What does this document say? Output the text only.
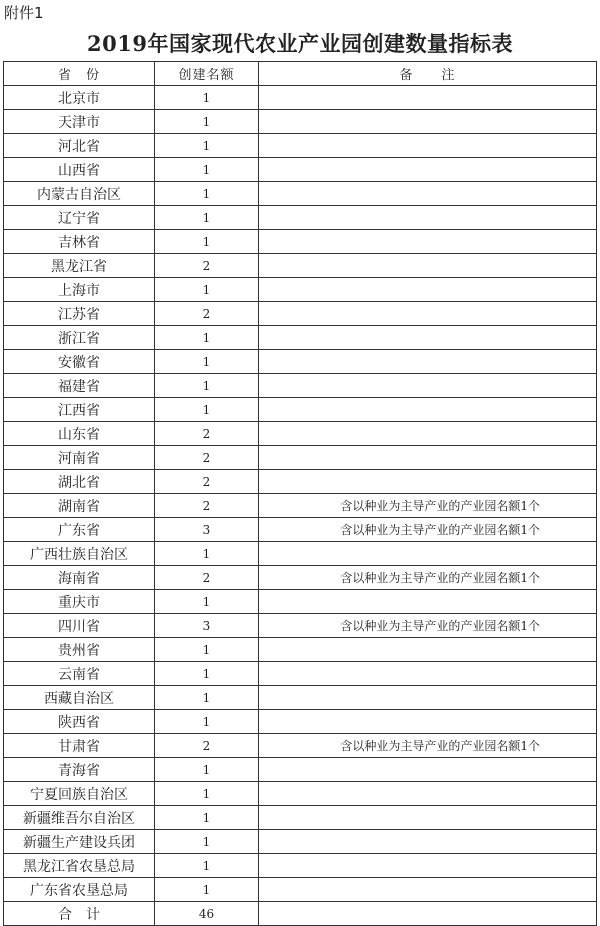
附件1
2019年国家现代农业产业园创建数量指标表
省　份	创建名额	备　　注
北京市	1	
天津市	1	
河北省	1	
山西省	1	
内蒙古自治区	1	
辽宁省	1	
吉林省	1	
黑龙江省	2	
上海市	1	
江苏省	2	
浙江省	1	
安徽省	1	
福建省	1	
江西省	1	
山东省	2	
河南省	2	
湖北省	2	
湖南省	2	含以种业为主导产业的产业园名额1个
广东省	3	含以种业为主导产业的产业园名额1个
广西壮族自治区	1	
海南省	2	含以种业为主导产业的产业园名额1个
重庆市	1	
四川省	3	含以种业为主导产业的产业园名额1个
贵州省	1	
云南省	1	
西藏自治区	1	
陕西省	1	
甘肃省	2	含以种业为主导产业的产业园名额1个
青海省	1	
宁夏回族自治区	1	
新疆维吾尔自治区	1	
新疆生产建设兵团	1	
黑龙江省农垦总局	1	
广东省农垦总局	1	
合　计	46	
